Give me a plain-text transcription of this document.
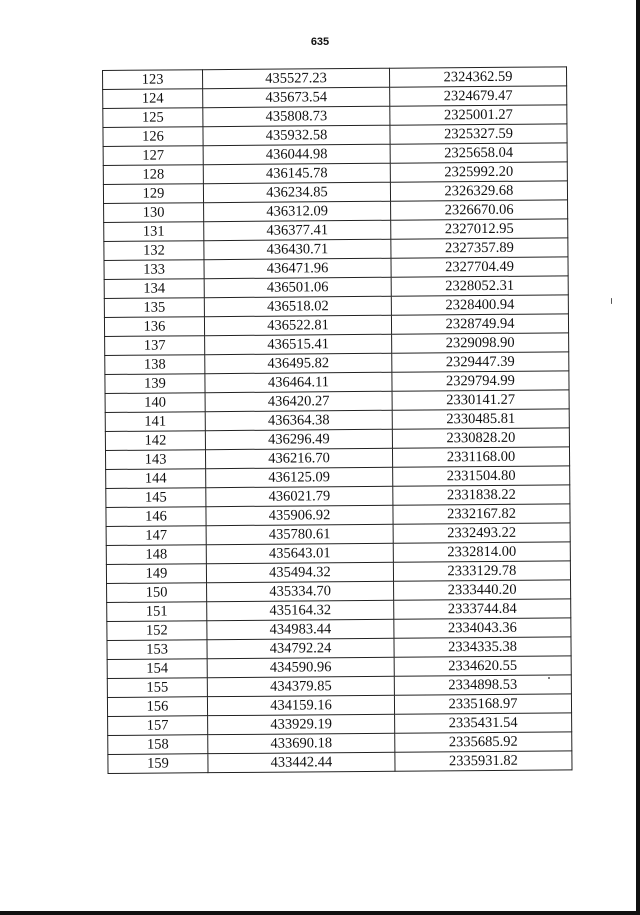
635
123	435527.23	2324362.59
124	435673.54	2324679.47
125	435808.73	2325001.27
126	435932.58	2325327.59
127	436044.98	2325658.04
128	436145.78	2325992.20
129	436234.85	2326329.68
130	436312.09	2326670.06
131	436377.41	2327012.95
132	436430.71	2327357.89
133	436471.96	2327704.49
134	436501.06	2328052.31
135	436518.02	2328400.94
136	436522.81	2328749.94
137	436515.41	2329098.90
138	436495.82	2329447.39
139	436464.11	2329794.99
140	436420.27	2330141.27
141	436364.38	2330485.81
142	436296.49	2330828.20
143	436216.70	2331168.00
144	436125.09	2331504.80
145	436021.79	2331838.22
146	435906.92	2332167.82
147	435780.61	2332493.22
148	435643.01	2332814.00
149	435494.32	2333129.78
150	435334.70	2333440.20
151	435164.32	2333744.84
152	434983.44	2334043.36
153	434792.24	2334335.38
154	434590.96	2334620.55
155	434379.85	2334898.53
156	434159.16	2335168.97
157	433929.19	2335431.54
158	433690.18	2335685.92
159	433442.44	2335931.82
